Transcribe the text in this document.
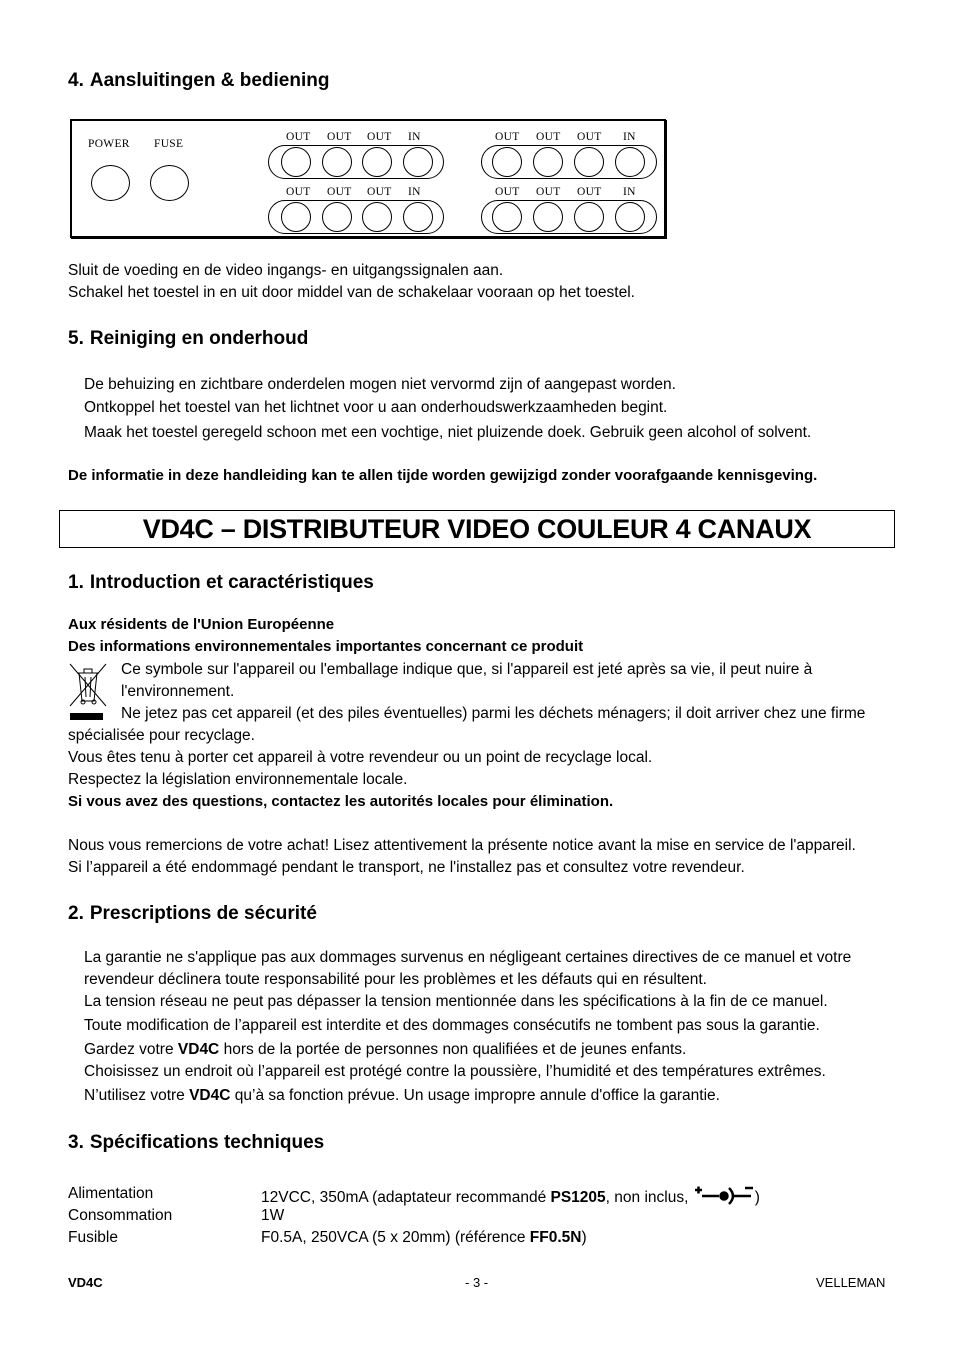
4. Aansluitingen & bediening
POWER FUSE
OUT OUT OUT IN	OUT OUT OUT IN
OUT OUT OUT IN	OUT OUT OUT IN
Sluit de voeding en de video ingangs- en uitgangssignalen aan.
Schakel het toestel in en uit door middel van de schakelaar vooraan op het toestel.
5. Reiniging en onderhoud
De behuizing en zichtbare onderdelen mogen niet vervormd zijn of aangepast worden.
Ontkoppel het toestel van het lichtnet voor u aan onderhoudswerkzaamheden begint.
Maak het toestel geregeld schoon met een vochtige, niet pluizende doek. Gebruik geen alcohol of solvent.
De informatie in deze handleiding kan te allen tijde worden gewijzigd zonder voorafgaande kennisgeving.
VD4C – DISTRIBUTEUR VIDEO COULEUR 4 CANAUX
1. Introduction et caractéristiques
Aux résidents de l'Union Européenne
Des informations environnementales importantes concernant ce produit
Ce symbole sur l'appareil ou l'emballage indique que, si l'appareil est jeté après sa vie, il peut nuire à
l'environnement.
Ne jetez pas cet appareil (et des piles éventuelles) parmi les déchets ménagers; il doit arriver chez une firme
spécialisée pour recyclage.
Vous êtes tenu à porter cet appareil à votre revendeur ou un point de recyclage local.
Respectez la législation environnementale locale.
Si vous avez des questions, contactez les autorités locales pour élimination.
Nous vous remercions de votre achat! Lisez attentivement la présente notice avant la mise en service de l'appareil.
Si l’appareil a été endommagé pendant le transport, ne l'installez pas et consultez votre revendeur.
2. Prescriptions de sécurité
La garantie ne s'applique pas aux dommages survenus en négligeant certaines directives de ce manuel et votre
revendeur déclinera toute responsabilité pour les problèmes et les défauts qui en résultent.
La tension réseau ne peut pas dépasser la tension mentionnée dans les spécifications à la fin de ce manuel.
Toute modification de l’appareil est interdite et des dommages consécutifs ne tombent pas sous la garantie.
Gardez votre VD4C hors de la portée de personnes non qualifiées et de jeunes enfants.
Choisissez un endroit où l’appareil est protégé contre la poussière, l’humidité et des températures extrêmes.
N’utilisez votre VD4C qu’à sa fonction prévue. Un usage impropre annule d'office la garantie.
3. Spécifications techniques
Alimentation	12VCC, 350mA (adaptateur recommandé PS1205, non inclus,	)
Consommation	1W
Fusible	F0.5A, 250VCA (5 x 20mm) (référence FF0.5N)
VD4C	- 3 -	VELLEMAN
